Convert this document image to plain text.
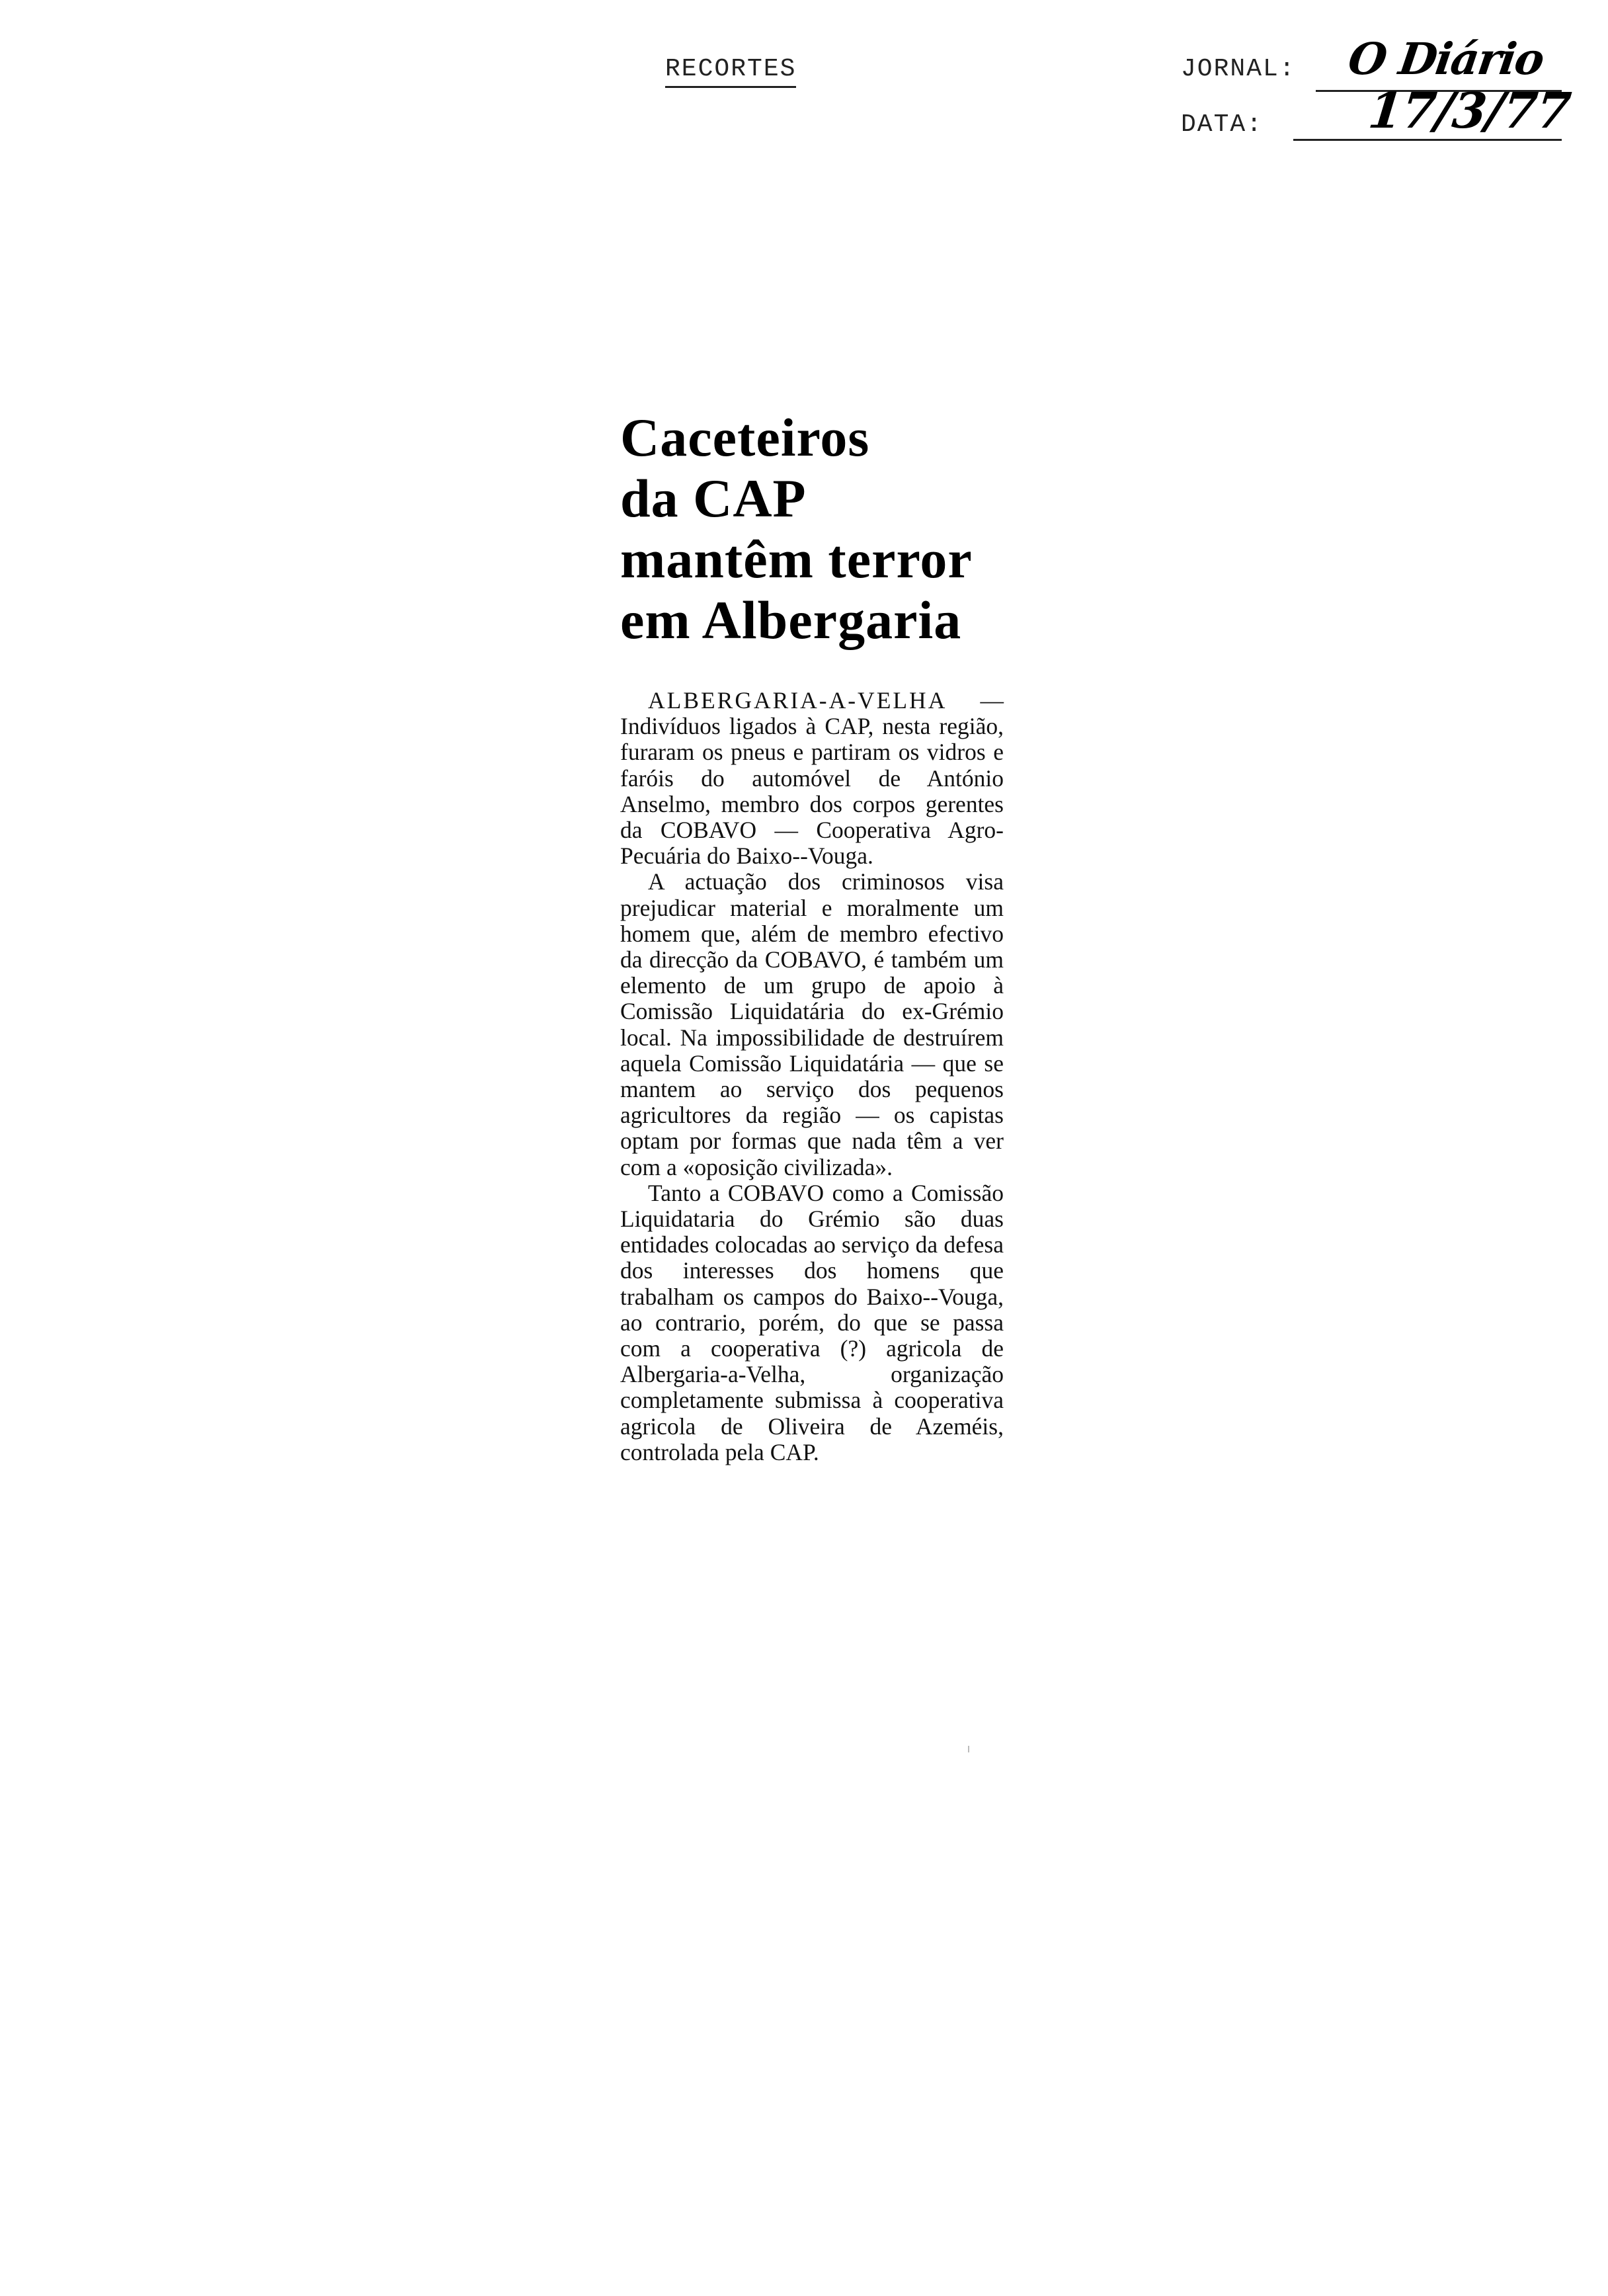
RECORTES	JORNAL: O Diário
DATA: 17/3/77
Caceteiros
da CAP
mantêm terror
em Albergaria

ALBERGARIA-A-VELHA — Indivíduos ligados à CAP, nesta região, furaram os pneus e partiram os vidros e faróis do automóvel de António Anselmo, membro dos corpos gerentes da COBAVO — Cooperativa Agro-Pecuária do Baixo--Vouga.

A actuação dos criminosos visa prejudicar material e moralmente um homem que, além de membro efectivo da direcção da COBAVO, é também um elemento de um grupo de apoio à Comissão Liquidatária do ex-Grémio local. Na impossibilidade de destruírem aquela Comissão Liquidatária — que se mantem ao serviço dos pequenos agricultores da região — os capistas optam por formas que nada têm a ver com a «oposição civilizada».

Tanto a COBAVO como a Comissão Liquidataria do Grémio são duas entidades colocadas ao serviço da defesa dos interesses dos homens que trabalham os campos do Baixo--Vouga, ao contrario, porém, do que se passa com a cooperativa (?) agricola de Albergaria-a-Velha, organização completamente submissa à cooperativa agricola de Oliveira de Azeméis, controlada pela CAP.
